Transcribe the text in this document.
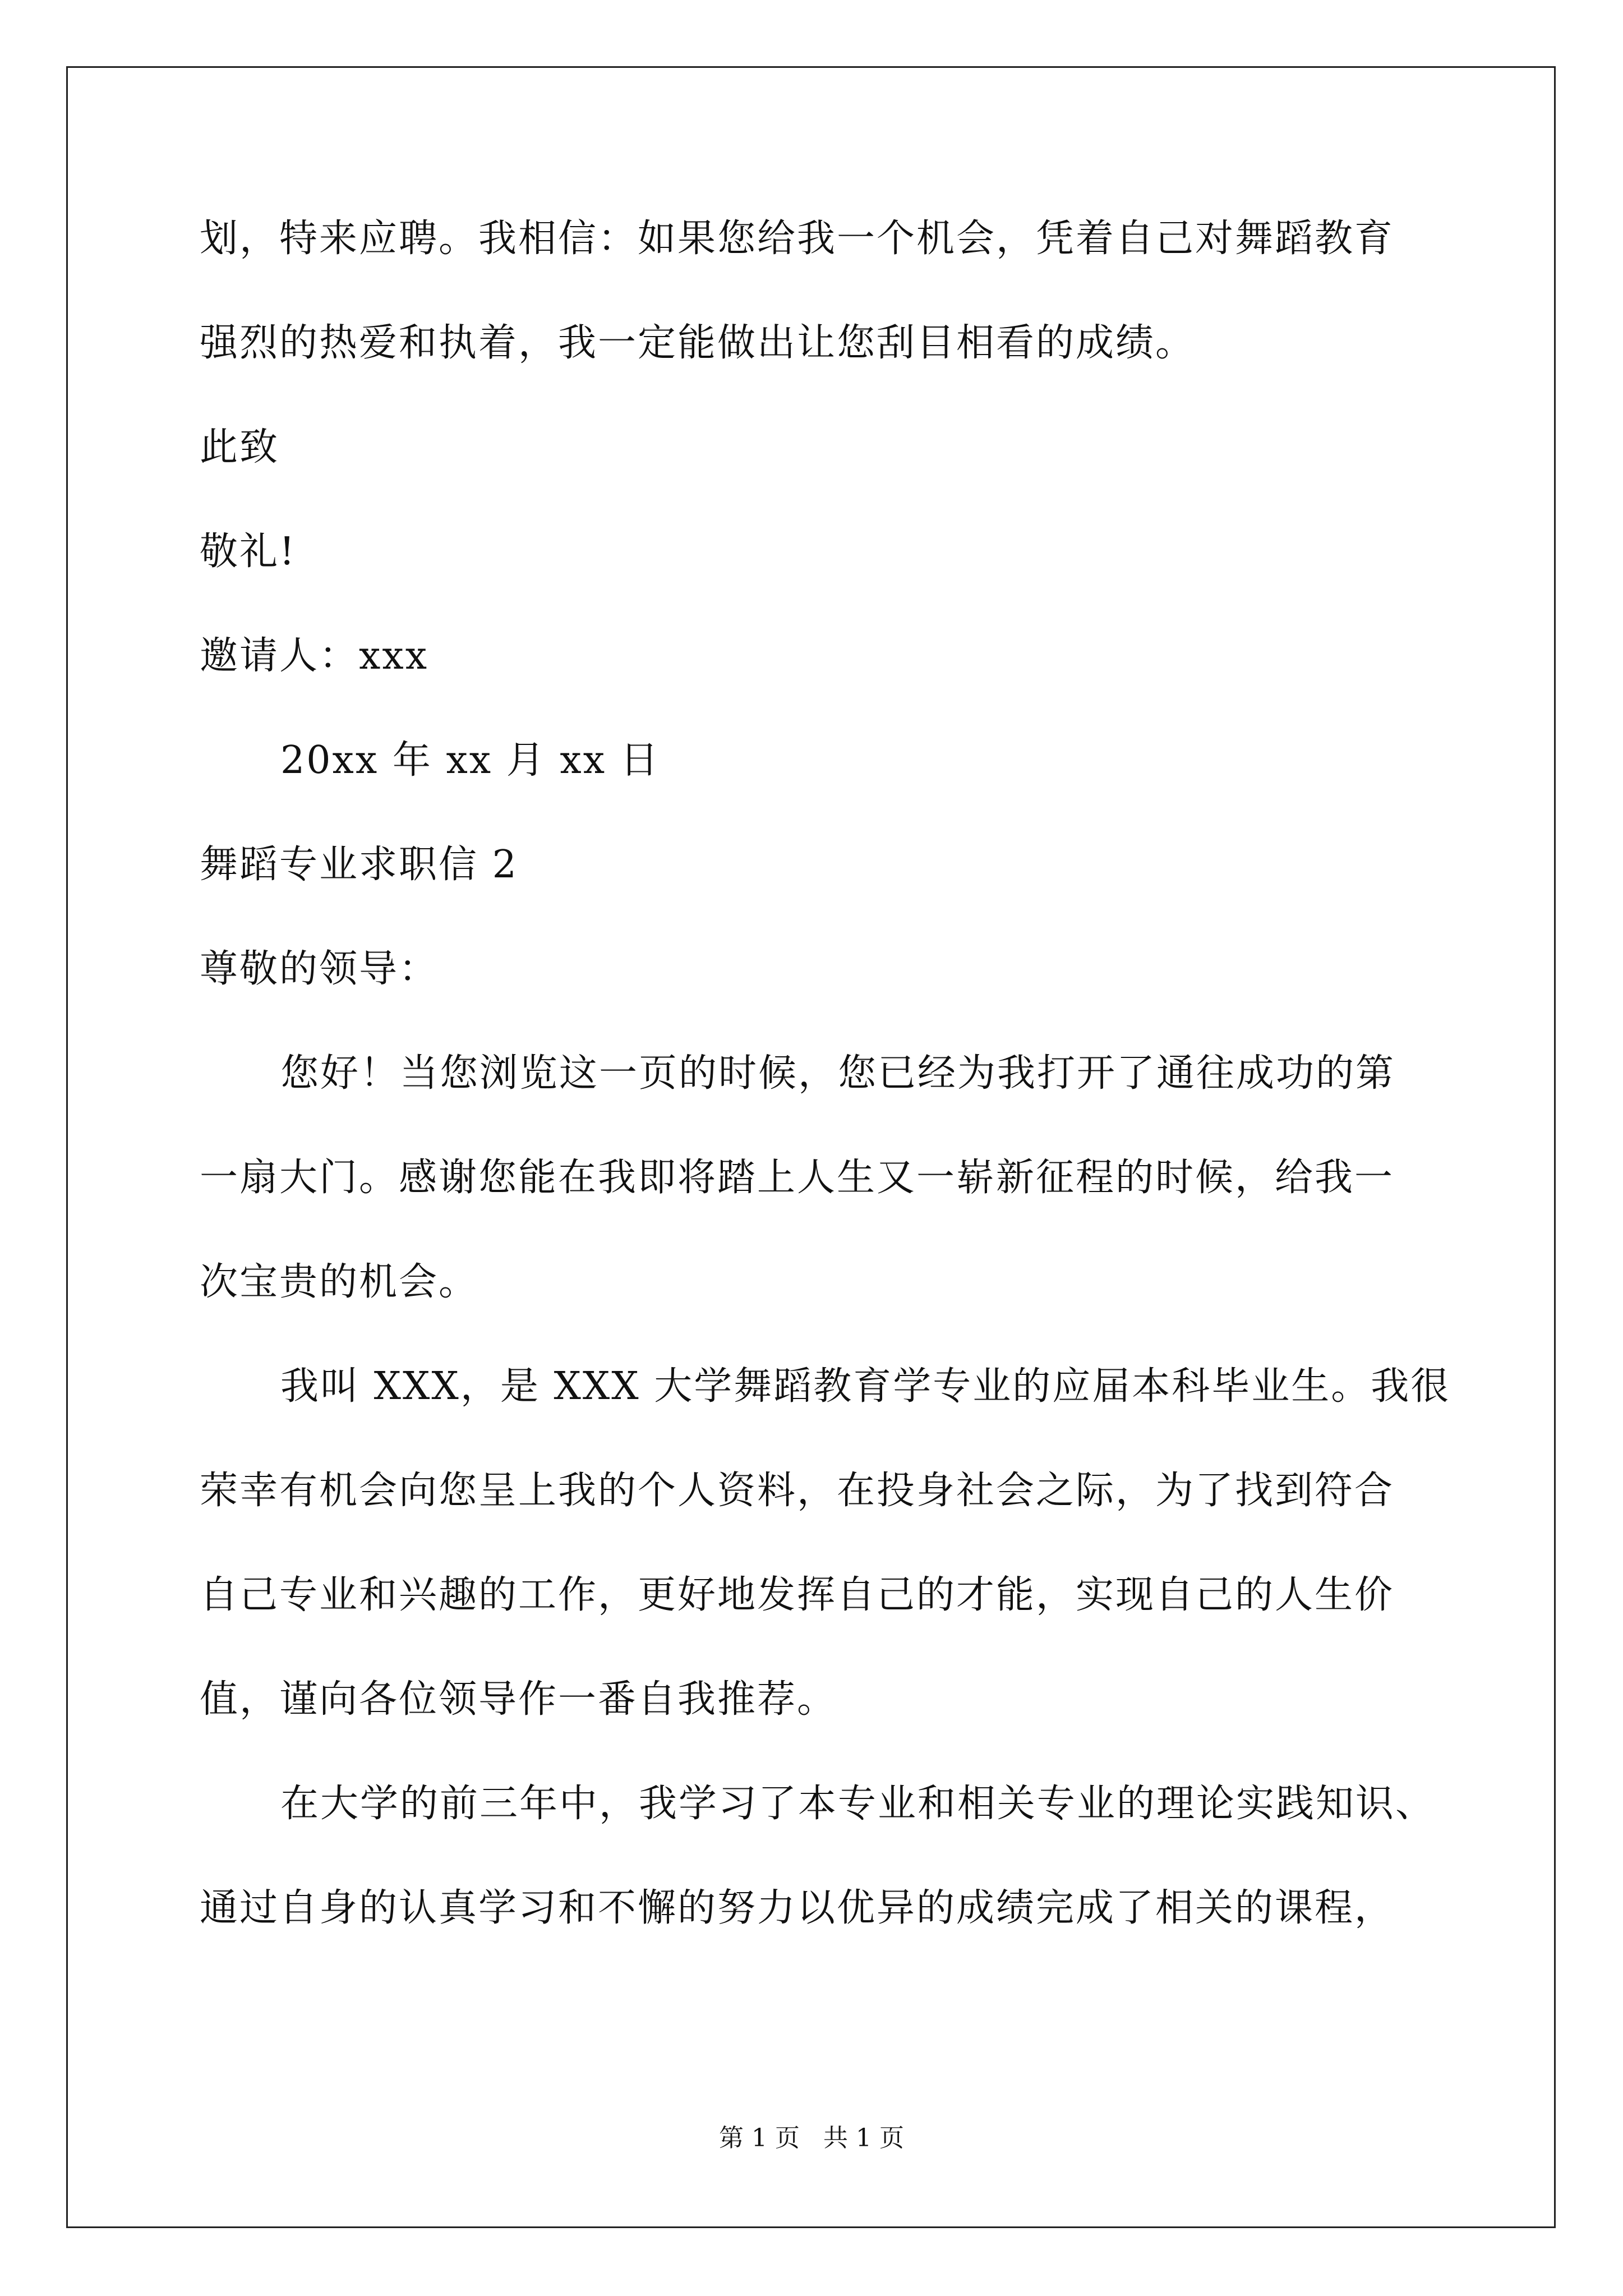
划，特来应聘。我相信：如果您给我一个机会，凭着自己对舞蹈教育
强烈的热爱和执着，我一定能做出让您刮目相看的成绩。
此致
敬礼!
邀请人：xxx
20xx 年 xx 月 xx 日
舞蹈专业求职信 2
尊敬的领导：
您好！当您浏览这一页的时候，您已经为我打开了通往成功的第
一扇大门。感谢您能在我即将踏上人生又一崭新征程的时候，给我一
次宝贵的机会。
我叫 XXX，是 XXX 大学舞蹈教育学专业的应届本科毕业生。我很
荣幸有机会向您呈上我的个人资料，在投身社会之际，为了找到符合
自己专业和兴趣的工作，更好地发挥自己的才能，实现自己的人生价
值，谨向各位领导作一番自我推荐。
在大学的前三年中，我学习了本专业和相关专业的理论实践知识、
通过自身的认真学习和不懈的努力以优异的成绩完成了相关的课程，
第 1 页   共 1 页
